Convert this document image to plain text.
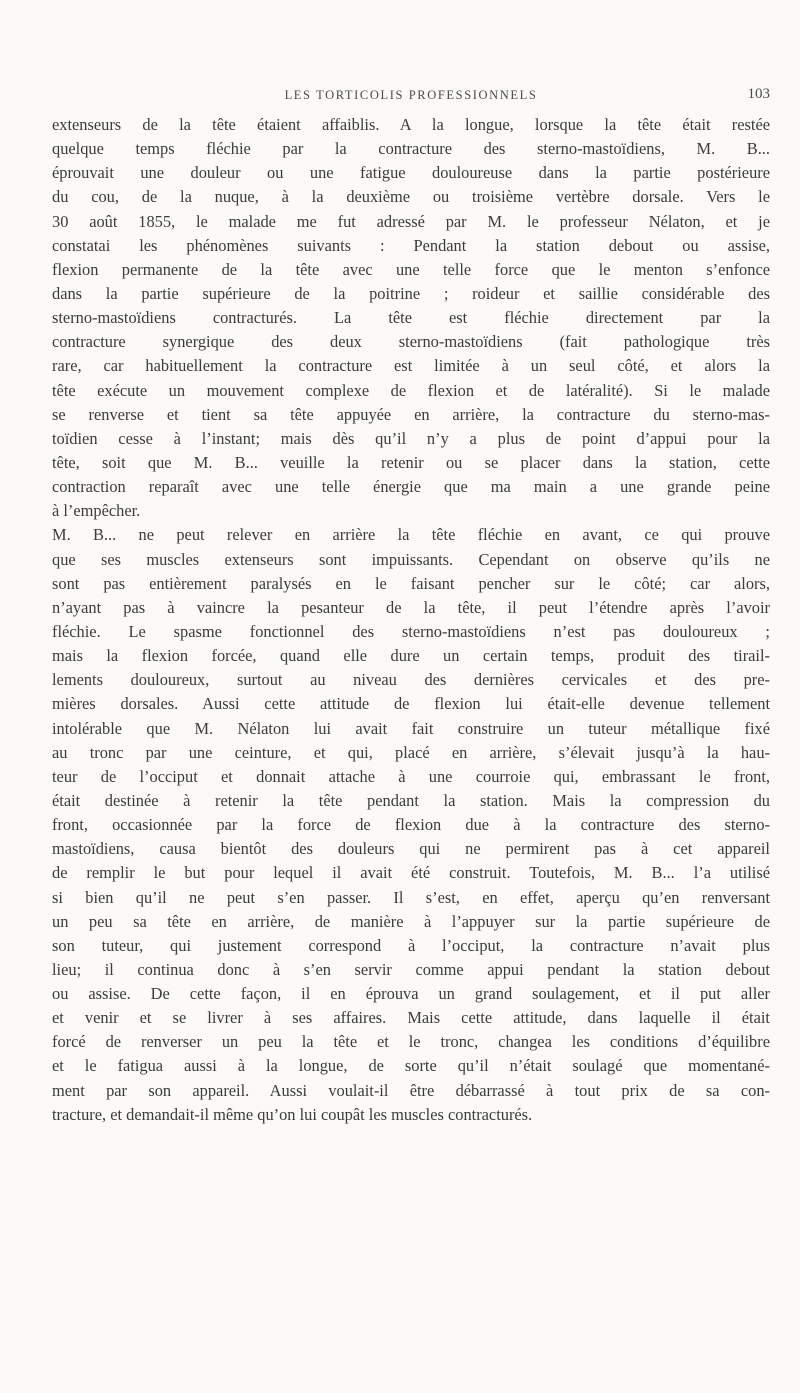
LES TORTICOLIS PROFESSIONNELS	103
extenseurs de la tête étaient affaiblis. A la longue, lorsque la tête était restée
quelque temps fléchie par la contracture des sterno-mastoïdiens, M. B...
éprouvait une douleur ou une fatigue douloureuse dans la partie postérieure
du cou, de la nuque, à la deuxième ou troisième vertèbre dorsale. Vers le
30 août 1855, le malade me fut adressé par M. le professeur Nélaton, et je
constatai les phénomènes suivants : Pendant la station debout ou assise,
flexion permanente de la tête avec une telle force que le menton s’enfonce
dans la partie supérieure de la poitrine ; roideur et saillie considérable des
sterno-mastoïdiens contracturés. La tête est fléchie directement par la
contracture synergique des deux sterno-mastoïdiens (fait pathologique très
rare, car habituellement la contracture est limitée à un seul côté, et alors la
tête exécute un mouvement complexe de flexion et de latéralité). Si le malade
se renverse et tient sa tête appuyée en arrière, la contracture du sterno-mas-
toïdien cesse à l’instant; mais dès qu’il n’y a plus de point d’appui pour la
tête, soit que M. B... veuille la retenir ou se placer dans la station, cette
contraction reparaît avec une telle énergie que ma main a une grande peine
à l’empêcher.
M. B... ne peut relever en arrière la tête fléchie en avant, ce qui prouve
que ses muscles extenseurs sont impuissants. Cependant on observe qu’ils ne
sont pas entièrement paralysés en le faisant pencher sur le côté; car alors,
n’ayant pas à vaincre la pesanteur de la tête, il peut l’étendre après l’avoir
fléchie. Le spasme fonctionnel des sterno-mastoïdiens n’est pas douloureux ;
mais la flexion forcée, quand elle dure un certain temps, produit des tirail-
lements douloureux, surtout au niveau des dernières cervicales et des pre-
mières dorsales. Aussi cette attitude de flexion lui était-elle devenue tellement
intolérable que M. Nélaton lui avait fait construire un tuteur métallique fixé
au tronc par une ceinture, et qui, placé en arrière, s’élevait jusqu’à la hau-
teur de l’occiput et donnait attache à une courroie qui, embrassant le front,
était destinée à retenir la tête pendant la station. Mais la compression du
front, occasionnée par la force de flexion due à la contracture des sterno-
mastoïdiens, causa bientôt des douleurs qui ne permirent pas à cet appareil
de remplir le but pour lequel il avait été construit. Toutefois, M. B... l’a utilisé
si bien qu’il ne peut s’en passer. Il s’est, en effet, aperçu qu’en renversant
un peu sa tête en arrière, de manière à l’appuyer sur la partie supérieure de
son tuteur, qui justement correspond à l’occiput, la contracture n’avait plus
lieu; il continua donc à s’en servir comme appui pendant la station debout
ou assise. De cette façon, il en éprouva un grand soulagement, et il put aller
et venir et se livrer à ses affaires. Mais cette attitude, dans laquelle il était
forcé de renverser un peu la tête et le tronc, changea les conditions d’équilibre
et le fatigua aussi à la longue, de sorte qu’il n’était soulagé que momentané-
ment par son appareil. Aussi voulait-il être débarrassé à tout prix de sa con-
tracture, et demandait-il même qu’on lui coupât les muscles contracturés.
